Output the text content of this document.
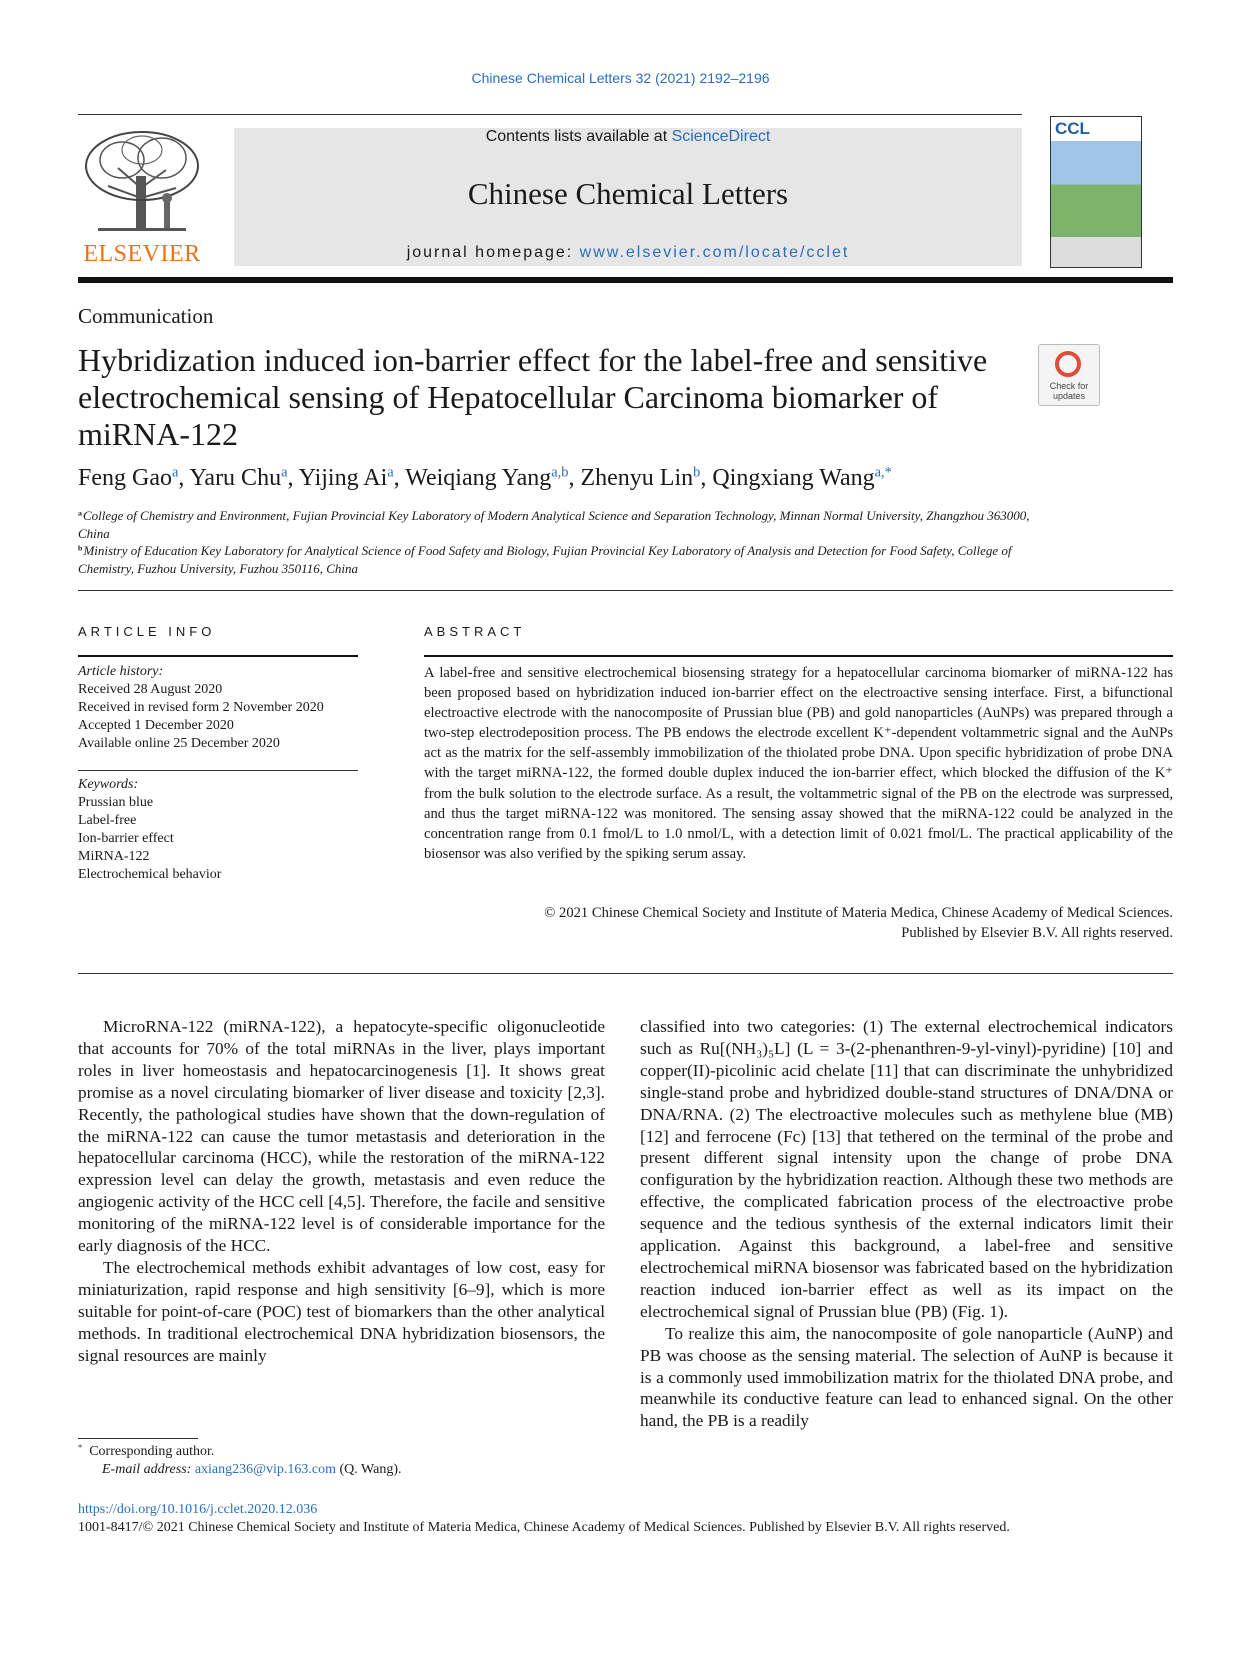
Chinese Chemical Letters 32 (2021) 2192–2196
ELSEVIER
Contents lists available at ScienceDirect
Chinese Chemical Letters
journal homepage: www.elsevier.com/locate/cclet
CCL
Communication
Hybridization induced ion-barrier effect for the label-free and sensitive electrochemical sensing of Hepatocellular Carcinoma biomarker of miRNA-122
Check for updates
Feng Gao$^a$, Yaru Chu$^a$, Yijing Ai$^a$, Weiqiang Yang$^{a,b}$, Zhenyu Lin$^b$, Qingxiang Wang$^{a,*}$
$^a$ College of Chemistry and Environment, Fujian Provincial Key Laboratory of Modern Analytical Science and Separation Technology, Minnan Normal University, Zhangzhou 363000, China
$^b$ Ministry of Education Key Laboratory for Analytical Science of Food Safety and Biology, Fujian Provincial Key Laboratory of Analysis and Detection for Food Safety, College of Chemistry, Fuzhou University, Fuzhou 350116, China
ARTICLE INFO	ABSTRACT
Article history:
Received 28 August 2020
Received in revised form 2 November 2020
Accepted 1 December 2020
Available online 25 December 2020
Keywords:
Prussian blue
Label-free
Ion-barrier effect
MiRNA-122
Electrochemical behavior
A label-free and sensitive electrochemical biosensing strategy for a hepatocellular carcinoma biomarker of miRNA-122 has been proposed based on hybridization induced ion-barrier effect on the electroactive sensing interface. First, a bifunctional electroactive electrode with the nanocomposite of Prussian blue (PB) and gold nanoparticles (AuNPs) was prepared through a two-step electrodeposition process. The PB endows the electrode excellent K⁺-dependent voltammetric signal and the AuNPs act as the matrix for the self-assembly immobilization of the thiolated probe DNA. Upon specific hybridization of probe DNA with the target miRNA-122, the formed double duplex induced the ion-barrier effect, which blocked the diffusion of the K⁺ from the bulk solution to the electrode surface. As a result, the voltammetric signal of the PB on the electrode was surpressed, and thus the target miRNA-122 was monitored. The sensing assay showed that the miRNA-122 could be analyzed in the concentration range from 0.1 fmol/L to 1.0 nmol/L, with a detection limit of 0.021 fmol/L. The practical applicability of the biosensor was also verified by the spiking serum assay.
© 2021 Chinese Chemical Society and Institute of Materia Medica, Chinese Academy of Medical Sciences.
Published by Elsevier B.V. All rights reserved.

MicroRNA-122 (miRNA-122), a hepatocyte-specific oligonucleotide that accounts for 70% of the total miRNAs in the liver, plays important roles in liver homeostasis and hepatocarcinogenesis [1]. It shows great promise as a novel circulating biomarker of liver disease and toxicity [2,3]. Recently, the pathological studies have shown that the down-regulation of the miRNA-122 can cause the tumor metastasis and deterioration in the hepatocellular carcinoma (HCC), while the restoration of the miRNA-122 expression level can delay the growth, metastasis and even reduce the angiogenic activity of the HCC cell [4,5]. Therefore, the facile and sensitive monitoring of the miRNA-122 level is of considerable importance for the early diagnosis of the HCC.

The electrochemical methods exhibit advantages of low cost, easy for miniaturization, rapid response and high sensitivity [6–9], which is more suitable for point-of-care (POC) test of biomarkers than the other analytical methods. In traditional electrochemical DNA hybridization biosensors, the signal resources are mainly

classified into two categories: (1) The external electrochemical indicators such as Ru[(NH₃)₅L] (L = 3-(2-phenanthren-9-yl-vinyl)-pyridine) [10] and copper(II)-picolinic acid chelate [11] that can discriminate the unhybridized single-stand probe and hybridized double-stand structures of DNA/DNA or DNA/RNA. (2) The electroactive molecules such as methylene blue (MB) [12] and ferrocene (Fc) [13] that tethered on the terminal of the probe and present different signal intensity upon the change of probe DNA configuration by the hybridization reaction. Although these two methods are effective, the complicated fabrication process of the electroactive probe sequence and the tedious synthesis of the external indicators limit their application. Against this background, a label-free and sensitive electrochemical miRNA biosensor was fabricated based on the hybridization reaction induced ion-barrier effect as well as its impact on the electrochemical signal of Prussian blue (PB) (Fig. 1).

To realize this aim, the nanocomposite of gole nanoparticle (AuNP) and PB was choose as the sensing material. The selection of AuNP is because it is a commonly used immobilization matrix for the thiolated DNA probe, and meanwhile its conductive feature can lead to enhanced signal. On the other hand, the PB is a readily

* Corresponding author.
E-mail address: axiang236@vip.163.com (Q. Wang).
https://doi.org/10.1016/j.cclet.2020.12.036
1001-8417/© 2021 Chinese Chemical Society and Institute of Materia Medica, Chinese Academy of Medical Sciences. Published by Elsevier B.V. All rights reserved.
